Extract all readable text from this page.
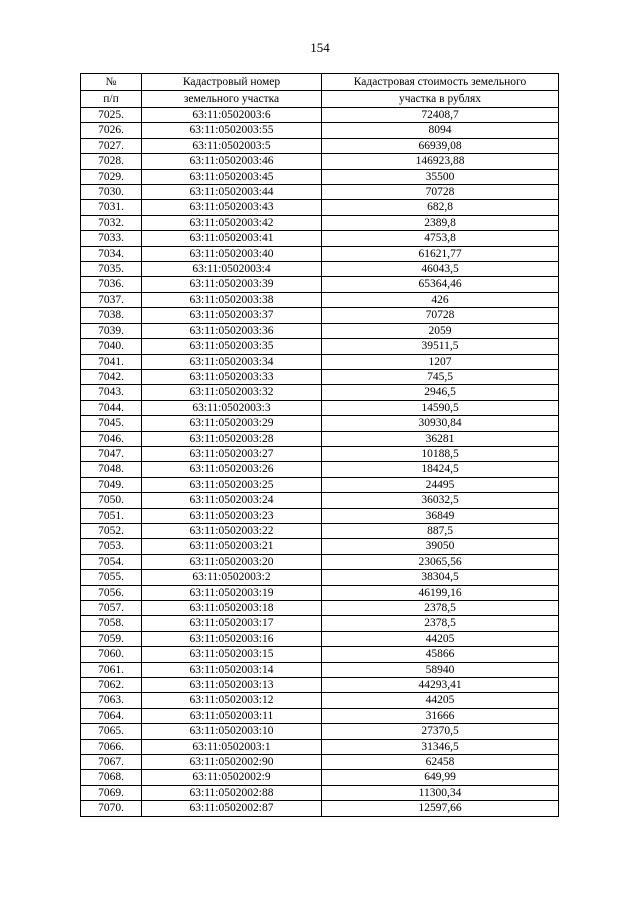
154
№	Кадастровый номер	Кадастровая стоимость земельного
п/п	земельного участка	участка в рублях
7025.	63:11:0502003:6	72408,7
7026.	63:11:0502003:55	8094
7027.	63:11:0502003:5	66939,08
7028.	63:11:0502003:46	146923,88
7029.	63:11:0502003:45	35500
7030.	63:11:0502003:44	70728
7031.	63:11:0502003:43	682,8
7032.	63:11:0502003:42	2389,8
7033.	63:11:0502003:41	4753,8
7034.	63:11:0502003:40	61621,77
7035.	63:11:0502003:4	46043,5
7036.	63:11:0502003:39	65364,46
7037.	63:11:0502003:38	426
7038.	63:11:0502003:37	70728
7039.	63:11:0502003:36	2059
7040.	63:11:0502003:35	39511,5
7041.	63:11:0502003:34	1207
7042.	63:11:0502003:33	745,5
7043.	63:11:0502003:32	2946,5
7044.	63:11:0502003:3	14590,5
7045.	63:11:0502003:29	30930,84
7046.	63:11:0502003:28	36281
7047.	63:11:0502003:27	10188,5
7048.	63:11:0502003:26	18424,5
7049.	63:11:0502003:25	24495
7050.	63:11:0502003:24	36032,5
7051.	63:11:0502003:23	36849
7052.	63:11:0502003:22	887,5
7053.	63:11:0502003:21	39050
7054.	63:11:0502003:20	23065,56
7055.	63:11:0502003:2	38304,5
7056.	63:11:0502003:19	46199,16
7057.	63:11:0502003:18	2378,5
7058.	63:11:0502003:17	2378,5
7059.	63:11:0502003:16	44205
7060.	63:11:0502003:15	45866
7061.	63:11:0502003:14	58940
7062.	63:11:0502003:13	44293,41
7063.	63:11:0502003:12	44205
7064.	63:11:0502003:11	31666
7065.	63:11:0502003:10	27370,5
7066.	63:11:0502003:1	31346,5
7067.	63:11:0502002:90	62458
7068.	63:11:0502002:9	649,99
7069.	63:11:0502002:88	11300,34
7070.	63:11:0502002:87	12597,66
